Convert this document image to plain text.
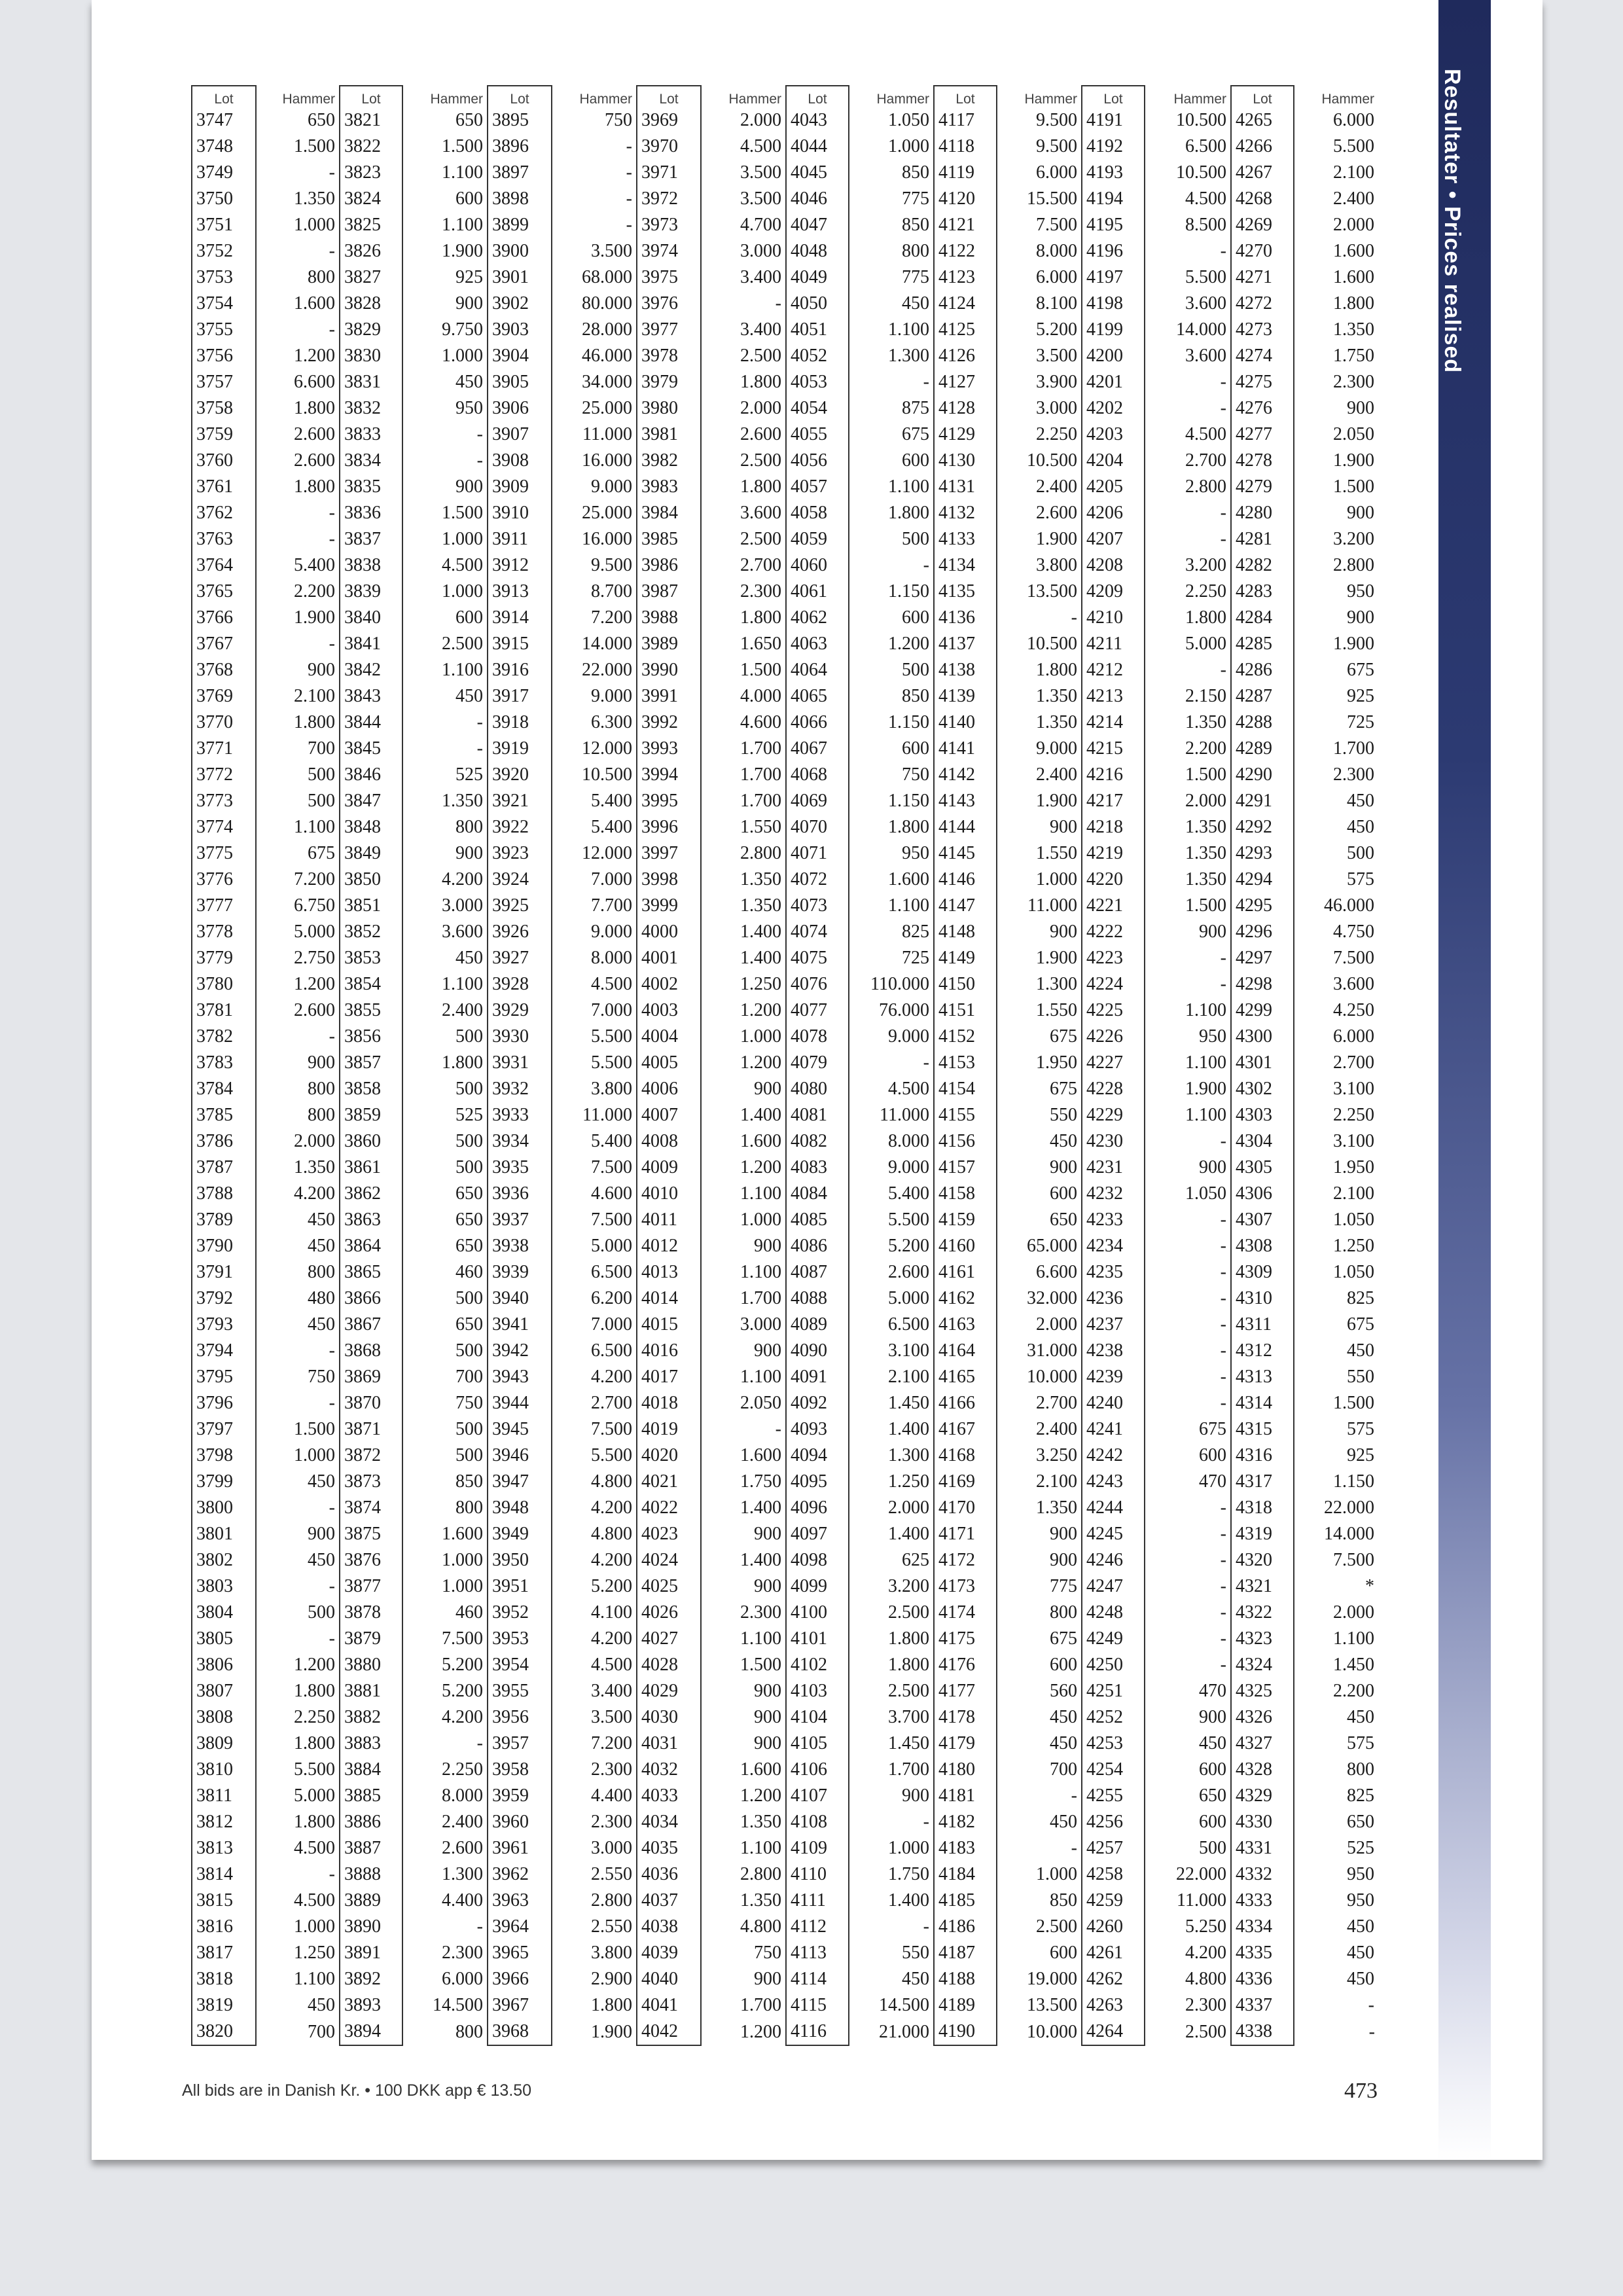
Resultater • Prices realised
Lot	Hammer	Lot	Hammer	Lot	Hammer	Lot	Hammer	Lot	Hammer	Lot	Hammer	Lot	Hammer	Lot	Hammer
3747	650	3821	650	3895	750	3969	2.000	4043	1.050	4117	9.500	4191	10.500	4265	6.000
3748	1.500	3822	1.500	3896	-	3970	4.500	4044	1.000	4118	9.500	4192	6.500	4266	5.500
3749	-	3823	1.100	3897	-	3971	3.500	4045	850	4119	6.000	4193	10.500	4267	2.100
3750	1.350	3824	600	3898	-	3972	3.500	4046	775	4120	15.500	4194	4.500	4268	2.400
3751	1.000	3825	1.100	3899	-	3973	4.700	4047	850	4121	7.500	4195	8.500	4269	2.000
3752	-	3826	1.900	3900	3.500	3974	3.000	4048	800	4122	8.000	4196	-	4270	1.600
3753	800	3827	925	3901	68.000	3975	3.400	4049	775	4123	6.000	4197	5.500	4271	1.600
3754	1.600	3828	900	3902	80.000	3976	-	4050	450	4124	8.100	4198	3.600	4272	1.800
3755	-	3829	9.750	3903	28.000	3977	3.400	4051	1.100	4125	5.200	4199	14.000	4273	1.350
3756	1.200	3830	1.000	3904	46.000	3978	2.500	4052	1.300	4126	3.500	4200	3.600	4274	1.750
3757	6.600	3831	450	3905	34.000	3979	1.800	4053	-	4127	3.900	4201	-	4275	2.300
3758	1.800	3832	950	3906	25.000	3980	2.000	4054	875	4128	3.000	4202	-	4276	900
3759	2.600	3833	-	3907	11.000	3981	2.600	4055	675	4129	2.250	4203	4.500	4277	2.050
3760	2.600	3834	-	3908	16.000	3982	2.500	4056	600	4130	10.500	4204	2.700	4278	1.900
3761	1.800	3835	900	3909	9.000	3983	1.800	4057	1.100	4131	2.400	4205	2.800	4279	1.500
3762	-	3836	1.500	3910	25.000	3984	3.600	4058	1.800	4132	2.600	4206	-	4280	900
3763	-	3837	1.000	3911	16.000	3985	2.500	4059	500	4133	1.900	4207	-	4281	3.200
3764	5.400	3838	4.500	3912	9.500	3986	2.700	4060	-	4134	3.800	4208	3.200	4282	2.800
3765	2.200	3839	1.000	3913	8.700	3987	2.300	4061	1.150	4135	13.500	4209	2.250	4283	950
3766	1.900	3840	600	3914	7.200	3988	1.800	4062	600	4136	-	4210	1.800	4284	900
3767	-	3841	2.500	3915	14.000	3989	1.650	4063	1.200	4137	10.500	4211	5.000	4285	1.900
3768	900	3842	1.100	3916	22.000	3990	1.500	4064	500	4138	1.800	4212	-	4286	675
3769	2.100	3843	450	3917	9.000	3991	4.000	4065	850	4139	1.350	4213	2.150	4287	925
3770	1.800	3844	-	3918	6.300	3992	4.600	4066	1.150	4140	1.350	4214	1.350	4288	725
3771	700	3845	-	3919	12.000	3993	1.700	4067	600	4141	9.000	4215	2.200	4289	1.700
3772	500	3846	525	3920	10.500	3994	1.700	4068	750	4142	2.400	4216	1.500	4290	2.300
3773	500	3847	1.350	3921	5.400	3995	1.700	4069	1.150	4143	1.900	4217	2.000	4291	450
3774	1.100	3848	800	3922	5.400	3996	1.550	4070	1.800	4144	900	4218	1.350	4292	450
3775	675	3849	900	3923	12.000	3997	2.800	4071	950	4145	1.550	4219	1.350	4293	500
3776	7.200	3850	4.200	3924	7.000	3998	1.350	4072	1.600	4146	1.000	4220	1.350	4294	575
3777	6.750	3851	3.000	3925	7.700	3999	1.350	4073	1.100	4147	11.000	4221	1.500	4295	46.000
3778	5.000	3852	3.600	3926	9.000	4000	1.400	4074	825	4148	900	4222	900	4296	4.750
3779	2.750	3853	450	3927	8.000	4001	1.400	4075	725	4149	1.900	4223	-	4297	7.500
3780	1.200	3854	1.100	3928	4.500	4002	1.250	4076	110.000	4150	1.300	4224	-	4298	3.600
3781	2.600	3855	2.400	3929	7.000	4003	1.200	4077	76.000	4151	1.550	4225	1.100	4299	4.250
3782	-	3856	500	3930	5.500	4004	1.000	4078	9.000	4152	675	4226	950	4300	6.000
3783	900	3857	1.800	3931	5.500	4005	1.200	4079	-	4153	1.950	4227	1.100	4301	2.700
3784	800	3858	500	3932	3.800	4006	900	4080	4.500	4154	675	4228	1.900	4302	3.100
3785	800	3859	525	3933	11.000	4007	1.400	4081	11.000	4155	550	4229	1.100	4303	2.250
3786	2.000	3860	500	3934	5.400	4008	1.600	4082	8.000	4156	450	4230	-	4304	3.100
3787	1.350	3861	500	3935	7.500	4009	1.200	4083	9.000	4157	900	4231	900	4305	1.950
3788	4.200	3862	650	3936	4.600	4010	1.100	4084	5.400	4158	600	4232	1.050	4306	2.100
3789	450	3863	650	3937	7.500	4011	1.000	4085	5.500	4159	650	4233	-	4307	1.050
3790	450	3864	650	3938	5.000	4012	900	4086	5.200	4160	65.000	4234	-	4308	1.250
3791	800	3865	460	3939	6.500	4013	1.100	4087	2.600	4161	6.600	4235	-	4309	1.050
3792	480	3866	500	3940	6.200	4014	1.700	4088	5.000	4162	32.000	4236	-	4310	825
3793	450	3867	650	3941	7.000	4015	3.000	4089	6.500	4163	2.000	4237	-	4311	675
3794	-	3868	500	3942	6.500	4016	900	4090	3.100	4164	31.000	4238	-	4312	450
3795	750	3869	700	3943	4.200	4017	1.100	4091	2.100	4165	10.000	4239	-	4313	550
3796	-	3870	750	3944	2.700	4018	2.050	4092	1.450	4166	2.700	4240	-	4314	1.500
3797	1.500	3871	500	3945	7.500	4019	-	4093	1.400	4167	2.400	4241	675	4315	575
3798	1.000	3872	500	3946	5.500	4020	1.600	4094	1.300	4168	3.250	4242	600	4316	925
3799	450	3873	850	3947	4.800	4021	1.750	4095	1.250	4169	2.100	4243	470	4317	1.150
3800	-	3874	800	3948	4.200	4022	1.400	4096	2.000	4170	1.350	4244	-	4318	22.000
3801	900	3875	1.600	3949	4.800	4023	900	4097	1.400	4171	900	4245	-	4319	14.000
3802	450	3876	1.000	3950	4.200	4024	1.400	4098	625	4172	900	4246	-	4320	7.500
3803	-	3877	1.000	3951	5.200	4025	900	4099	3.200	4173	775	4247	-	4321	*
3804	500	3878	460	3952	4.100	4026	2.300	4100	2.500	4174	800	4248	-	4322	2.000
3805	-	3879	7.500	3953	4.200	4027	1.100	4101	1.800	4175	675	4249	-	4323	1.100
3806	1.200	3880	5.200	3954	4.500	4028	1.500	4102	1.800	4176	600	4250	-	4324	1.450
3807	1.800	3881	5.200	3955	3.400	4029	900	4103	2.500	4177	560	4251	470	4325	2.200
3808	2.250	3882	4.200	3956	3.500	4030	900	4104	3.700	4178	450	4252	900	4326	450
3809	1.800	3883	-	3957	7.200	4031	900	4105	1.450	4179	450	4253	450	4327	575
3810	5.500	3884	2.250	3958	2.300	4032	1.600	4106	1.700	4180	700	4254	600	4328	800
3811	5.000	3885	8.000	3959	4.400	4033	1.200	4107	900	4181	-	4255	650	4329	825
3812	1.800	3886	2.400	3960	2.300	4034	1.350	4108	-	4182	450	4256	600	4330	650
3813	4.500	3887	2.600	3961	3.000	4035	1.100	4109	1.000	4183	-	4257	500	4331	525
3814	-	3888	1.300	3962	2.550	4036	2.800	4110	1.750	4184	1.000	4258	22.000	4332	950
3815	4.500	3889	4.400	3963	2.800	4037	1.350	4111	1.400	4185	850	4259	11.000	4333	950
3816	1.000	3890	-	3964	2.550	4038	4.800	4112	-	4186	2.500	4260	5.250	4334	450
3817	1.250	3891	2.300	3965	3.800	4039	750	4113	550	4187	600	4261	4.200	4335	450
3818	1.100	3892	6.000	3966	2.900	4040	900	4114	450	4188	19.000	4262	4.800	4336	450
3819	450	3893	14.500	3967	1.800	4041	1.700	4115	14.500	4189	13.500	4263	2.300	4337	-
3820	700	3894	800	3968	1.900	4042	1.200	4116	21.000	4190	10.000	4264	2.500	4338	-
All bids are in Danish Kr. • 100 DKK app € 13.50	473
